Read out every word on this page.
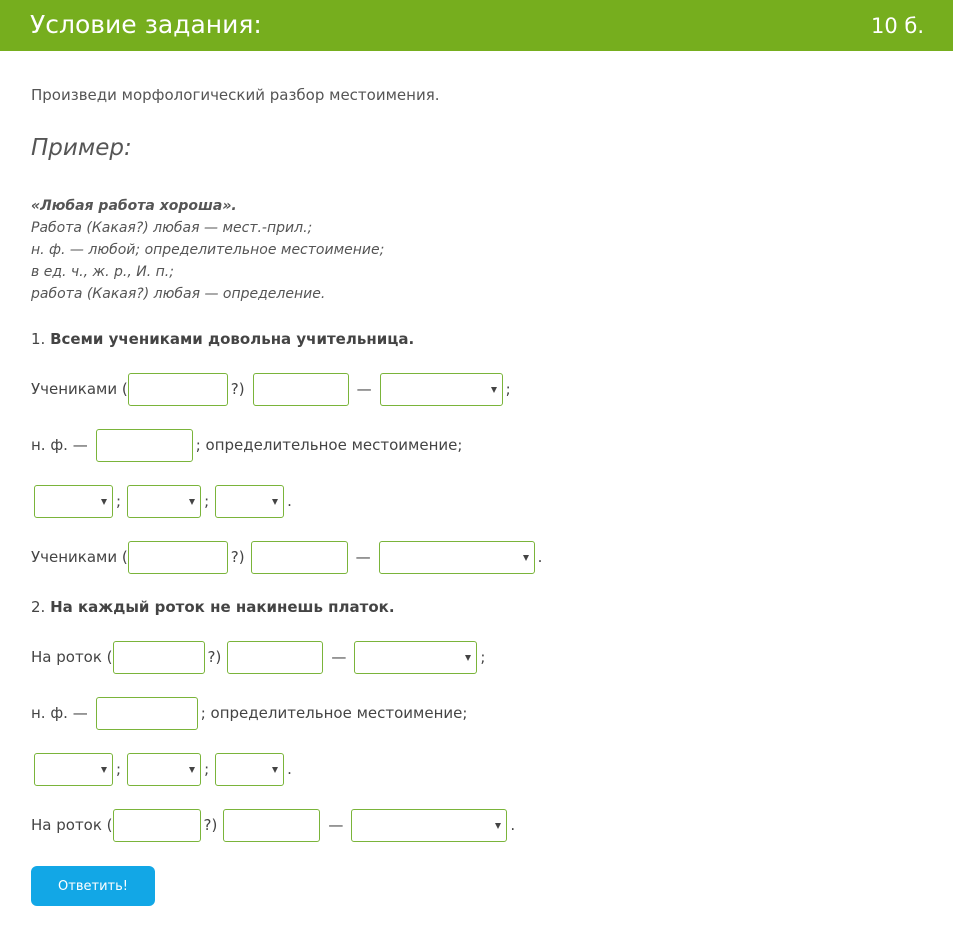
Условие задания:	10 б.
Произведи морфологический разбор местоимения.
Пример:
«Любая работа хороша».
Работа (Какая?) любая — мест.-прил.;
н. ф. — любой; определительное местоимение;
в ед. ч., ж. р., И. п.;
работа (Какая?) любая — определение.
1. Всеми учениками довольна учительница.
Учениками (	?)	—	;
н. ф. —	; определительное местоимение;
;	;	.
Учениками (	?)	—	.
2. На каждый роток не накинешь платок.
На роток (	?)	—	;
н. ф. —	; определительное местоимение;
;	;	.
На роток (	?)	—	.
Ответить!
